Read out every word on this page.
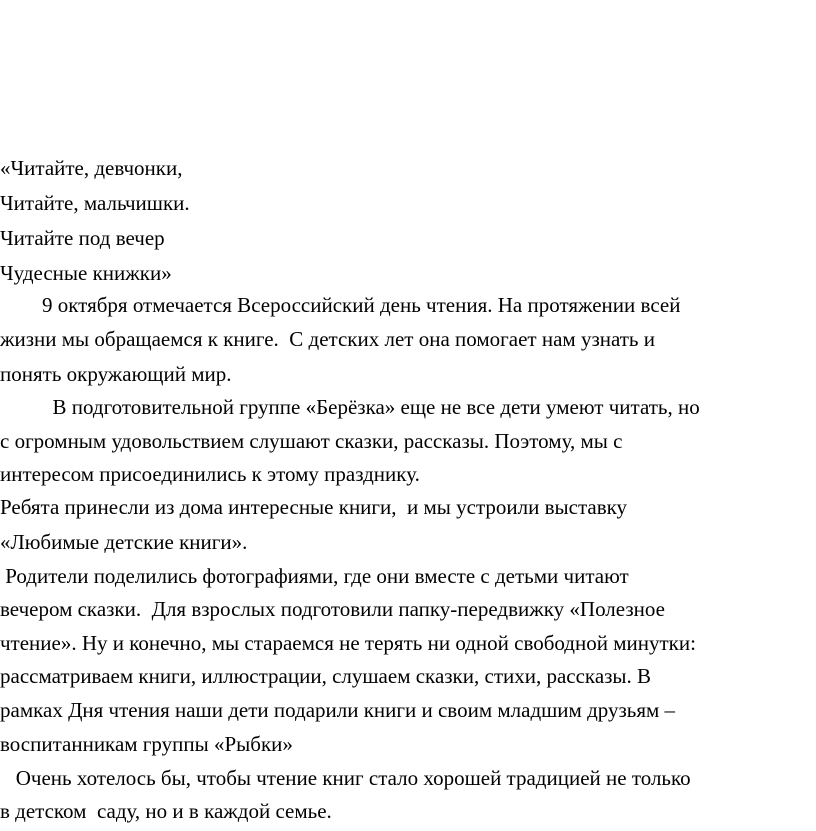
«Читайте, девчонки,
Читайте, мальчишки.
Читайте под вечер
Чудесные книжки»
9 октября отмечается Всероссийский день чтения. На протяжении всей
жизни мы обращаемся к книге.  С детских лет она помогает нам узнать и
понять окружающий мир.
В подготовительной группе «Берёзка» еще не все дети умеют читать, но
с огромным удовольствием слушают сказки, рассказы. Поэтому, мы с
интересом присоединились к этому празднику.
Ребята принесли из дома интересные книги,  и мы устроили выставку
«Любимые детские книги».
Родители поделились фотографиями, где они вместе с детьми читают
вечером сказки.  Для взрослых подготовили папку-передвижку «Полезное
чтение». Ну и конечно, мы стараемся не терять ни одной свободной минутки:
рассматриваем книги, иллюстрации, слушаем сказки, стихи, рассказы. В
рамках Дня чтения наши дети подарили книги и своим младшим друзьям –
воспитанникам группы «Рыбки»
Очень хотелось бы, чтобы чтение книг стало хорошей традицией не только
в детском  саду, но и в каждой семье.
